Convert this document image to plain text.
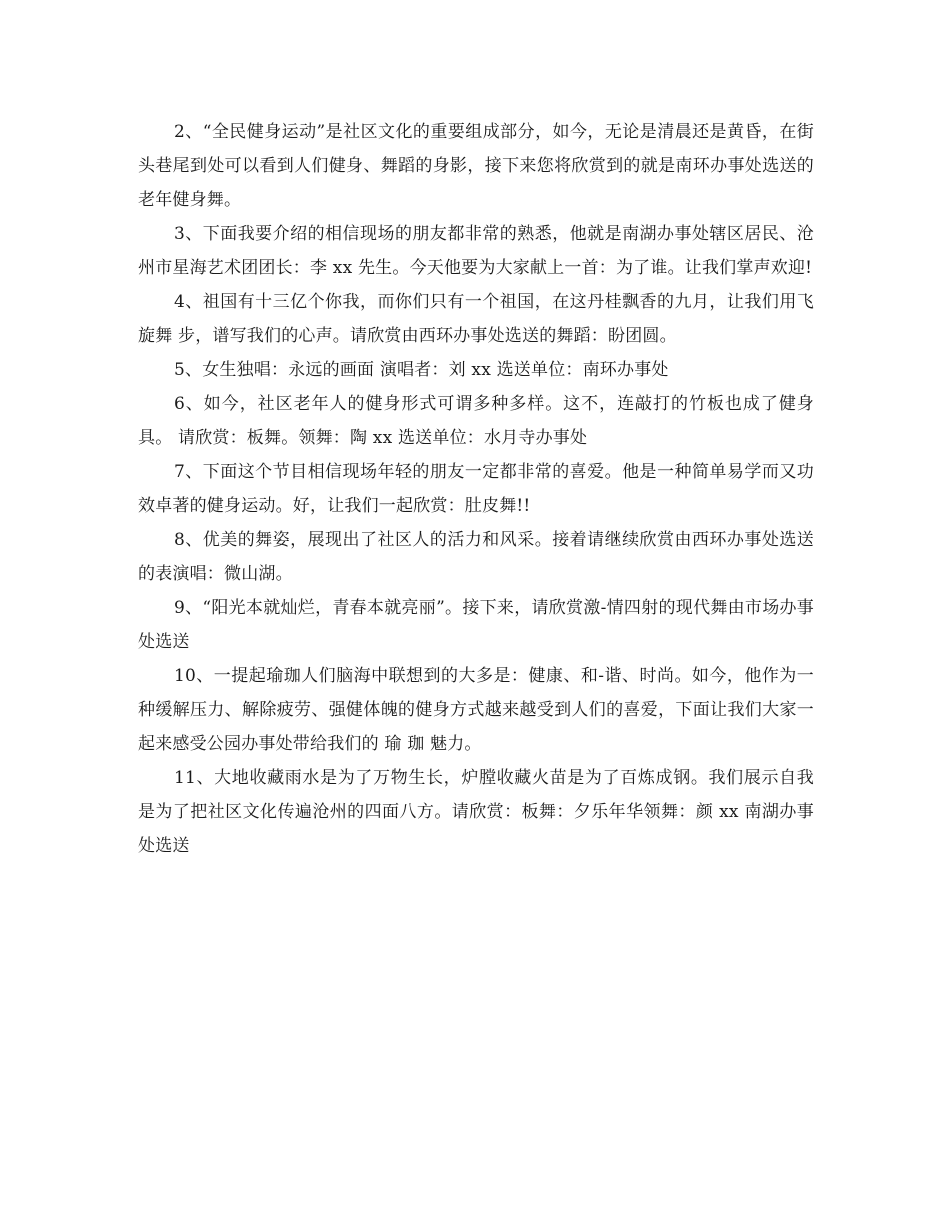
2、“全民健身运动”是社区文化的重要组成部分，如今，无论是清晨还是黄昏，在街头巷尾到处可以看到人们健身、舞蹈的身影，接下来您将欣赏到的就是南环办事处选送的老年健身舞。

3、下面我要介绍的相信现场的朋友都非常的熟悉，他就是南湖办事处辖区居民、沧州市星海艺术团团长：李 xx 先生。今天他要为大家献上一首：为了谁。让我们掌声欢迎!

4、祖国有十三亿个你我，而你们只有一个祖国，在这丹桂飘香的九月，让我们用飞旋舞 步，谱写我们的心声。请欣赏由西环办事处选送的舞蹈：盼团圆。

5、女生独唱：永远的画面 演唱者：刘 xx 选送单位：南环办事处

6、如今，社区老年人的健身形式可谓多种多样。这不，连敲打的竹板也成了健身具。 请欣赏：板舞。领舞：陶 xx 选送单位：水月寺办事处

7、下面这个节目相信现场年轻的朋友一定都非常的喜爱。他是一种简单易学而又功效卓著的健身运动。好，让我们一起欣赏：肚皮舞!!

8、优美的舞姿，展现出了社区人的活力和风采。接着请继续欣赏由西环办事处选送的表演唱：微山湖。

9、“阳光本就灿烂，青春本就亮丽”。接下来，请欣赏激-情四射的现代舞由市场办事处选送

10、一提起瑜珈人们脑海中联想到的大多是：健康、和-谐、时尚。如今，他作为一种缓解压力、解除疲劳、强健体魄的健身方式越来越受到人们的喜爱，下面让我们大家一起来感受公园办事处带给我们的 瑜 珈 魅力。

11、大地收藏雨水是为了万物生长，炉膛收藏火苗是为了百炼成钢。我们展示自我是为了把社区文化传遍沧州的四面八方。请欣赏：板舞：夕乐年华领舞：颜 xx 南湖办事处选送
